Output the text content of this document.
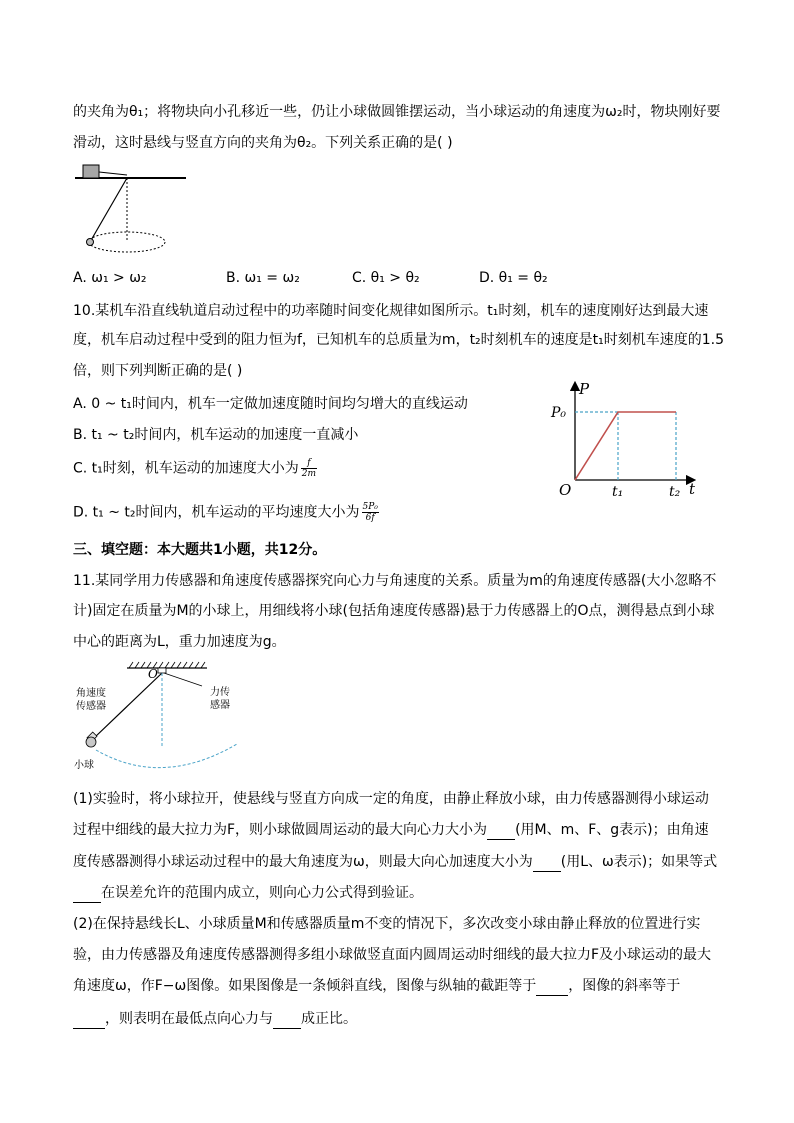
的夹角为θ₁；将物块向小孔移近一些，仍让小球做圆锥摆运动，当小球运动的角速度为ω₂时，物块刚好要
滑动，这时悬线与竖直方向的夹角为θ₂。下列关系正确的是( )
A. ω₁ > ω₂	B. ω₁ = ω₂	C. θ₁ > θ₂	D. θ₁ = θ₂
10.某机车沿直线轨道启动过程中的功率随时间变化规律如图所示。t₁时刻，机车的速度刚好达到最大速
度，机车启动过程中受到的阻力恒为f，已知机车的总质量为m，t₂时刻机车的速度是t₁时刻机车速度的1.5
倍，则下列判断正确的是( )
A. 0 ~ t₁时间内，机车一定做加速度随时间均匀增大的直线运动
B. t₁ ~ t₂时间内，机车运动的加速度一直减小
C. t₁时刻，机车运动的加速度大小为 $\frac{f}{2m}$
D. t₁ ~ t₂时间内，机车运动的平均速度大小为 $\frac{\text{5P₀}}{6f}$
P
P₀
O	t₁	t₂ t
三、填空题：本大题共1小题，共12分。
11.某同学用力传感器和角速度传感器探究向心力与角速度的关系。质量为m的角速度传感器(大小忽略不
计)固定在质量为M的小球上，用细线将小球(包括角速度传感器)悬于力传感器上的O点，测得悬点到小球
中心的距离为L，重力加速度为g。
O
角速度
传感器
力传
感器
小球
(1)实验时，将小球拉开，使悬线与竖直方向成一定的角度，由静止释放小球，由力传感器测得小球运动
过程中细线的最大拉力为F，则小球做圆周运动的最大向心力大小为 (用M、m、F、g表示)；由角速
度传感器测得小球运动过程中的最大角速度为ω，则最大向心加速度大小为 (用L、ω表示)；如果等式
在误差允许的范围内成立，则向心力公式得到验证。
(2)在保持悬线长L、小球质量M和传感器质量m不变的情况下，多次改变小球由静止释放的位置进行实
验，由力传感器及角速度传感器测得多组小球做竖直面内圆周运动时细线的最大拉力F及小球运动的最大
角速度ω，作F−ω图像。如果图像是一条倾斜直线，图像与纵轴的截距等于 ，图像的斜率等于
，则表明在最低点向心力与 成正比。
